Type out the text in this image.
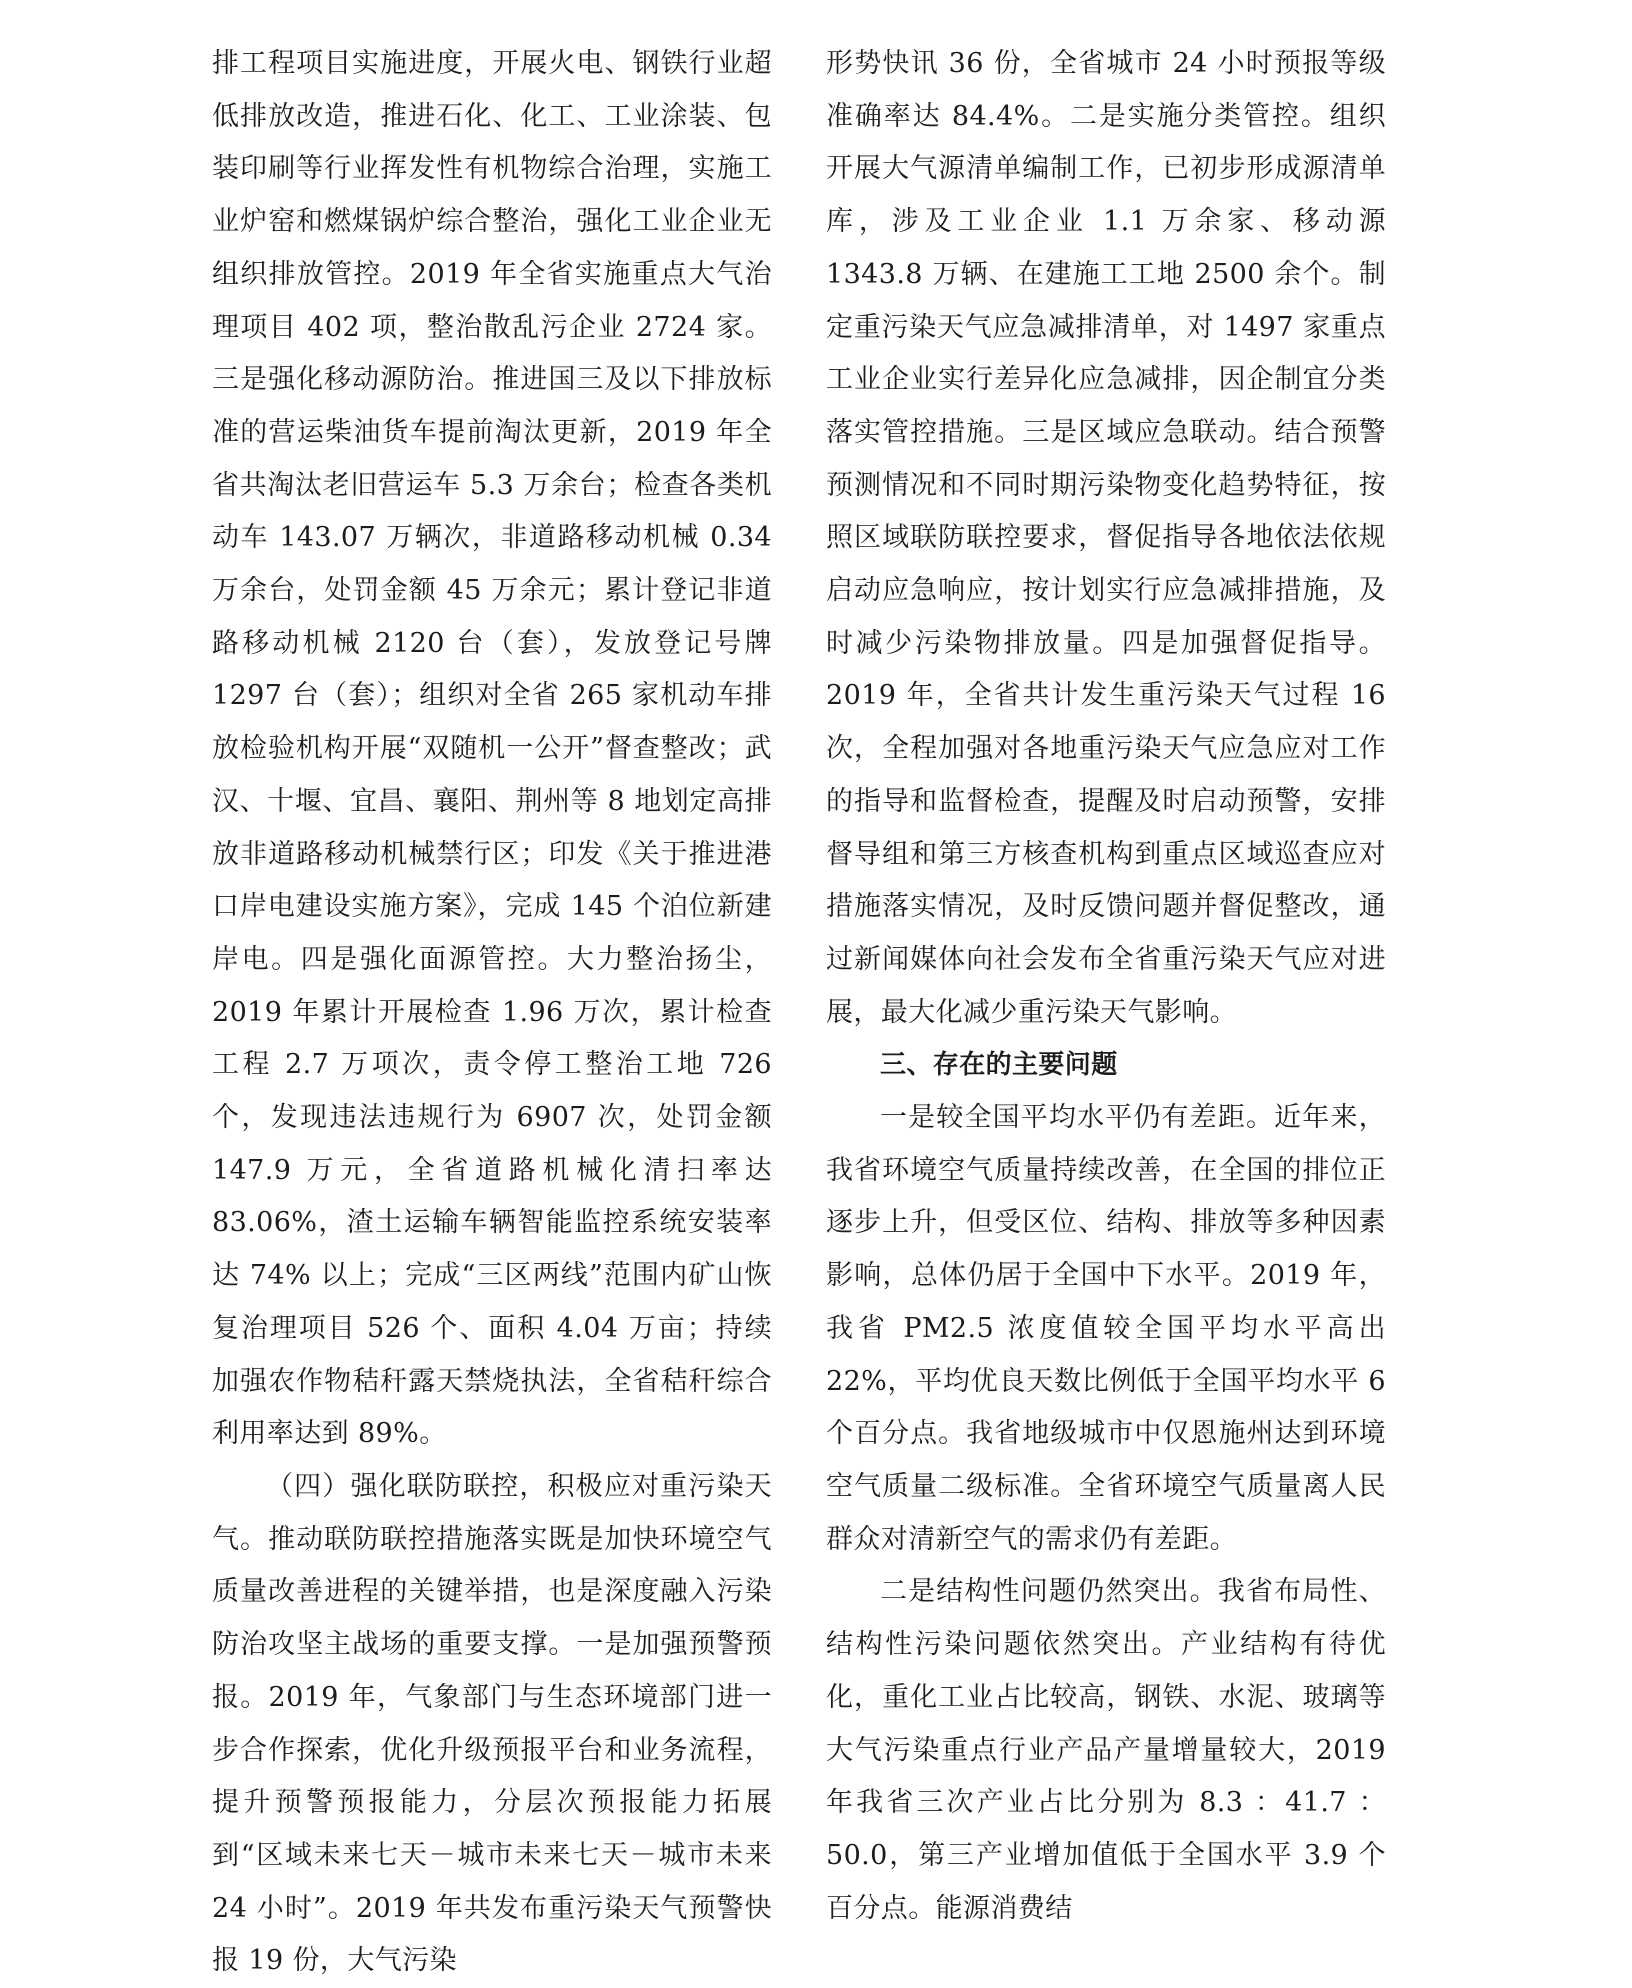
排工程项目实施进度，开展火电、钢铁行业超低排放改造，推进石化、化工、工业涂装、包装印刷等行业挥发性有机物综合治理，实施工业炉窑和燃煤锅炉综合整治，强化工业企业无组织排放管控。2019 年全省实施重点大气治理项目 402 项，整治散乱污企业 2724 家。三是强化移动源防治。推进国三及以下排放标准的营运柴油货车提前淘汰更新，2019 年全省共淘汰老旧营运车 5.3 万余台；检查各类机动车 143.07 万辆次，非道路移动机械 0.34 万余台，处罚金额 45 万余元；累计登记非道路移动机械 2120 台（套），发放登记号牌 1297 台（套）；组织对全省 265 家机动车排放检验机构开展“双随机一公开”督查整改；武汉、十堰、宜昌、襄阳、荆州等 8 地划定高排放非道路移动机械禁行区；印发《关于推进港口岸电建设实施方案》，完成 145 个泊位新建岸电。四是强化面源管控。大力整治扬尘，2019 年累计开展检查 1.96 万次，累计检查工程 2.7 万项次，责令停工整治工地 726 个，发现违法违规行为 6907 次，处罚金额 147.9 万元，全省道路机械化清扫率达 83.06%，渣土运输车辆智能监控系统安装率达 74% 以上；完成“三区两线”范围内矿山恢复治理项目 526 个、面积 4.04 万亩；持续加强农作物秸秆露天禁烧执法，全省秸秆综合利用率达到 89%。

（四）强化联防联控，积极应对重污染天气。推动联防联控措施落实既是加快环境空气质量改善进程的关键举措，也是深度融入污染防治攻坚主战场的重要支撑。一是加强预警预报。2019 年，气象部门与生态环境部门进一步合作探索，优化升级预报平台和业务流程，提升预警预报能力，分层次预报能力拓展到“区域未来七天－城市未来七天－城市未来 24 小时”。2019 年共发布重污染天气预警快报 19 份，大气污染

形势快讯 36 份，全省城市 24 小时预报等级准确率达 84.4%。二是实施分类管控。组织开展大气源清单编制工作，已初步形成源清单库，涉及工业企业 1.1 万余家、移动源 1343.8 万辆、在建施工工地 2500 余个。制定重污染天气应急减排清单，对 1497 家重点工业企业实行差异化应急减排，因企制宜分类落实管控措施。三是区域应急联动。结合预警预测情况和不同时期污染物变化趋势特征，按照区域联防联控要求，督促指导各地依法依规启动应急响应，按计划实行应急减排措施，及时减少污染物排放量。四是加强督促指导。2019 年，全省共计发生重污染天气过程 16 次，全程加强对各地重污染天气应急应对工作的指导和监督检查，提醒及时启动预警，安排督导组和第三方核查机构到重点区域巡查应对措施落实情况，及时反馈问题并督促整改，通过新闻媒体向社会发布全省重污染天气应对进展，最大化减少重污染天气影响。

三、存在的主要问题

一是较全国平均水平仍有差距。近年来，我省环境空气质量持续改善，在全国的排位正逐步上升，但受区位、结构、排放等多种因素影响，总体仍居于全国中下水平。2019 年，我省 PM2.5 浓度值较全国平均水平高出 22%，平均优良天数比例低于全国平均水平 6 个百分点。我省地级城市中仅恩施州达到环境空气质量二级标准。全省环境空气质量离人民群众对清新空气的需求仍有差距。

二是结构性问题仍然突出。我省布局性、结构性污染问题依然突出。产业结构有待优化，重化工业占比较高，钢铁、水泥、玻璃等大气污染重点行业产品产量增量较大，2019 年我省三次产业占比分别为 8.3 ：41.7 ：50.0，第三产业增加值低于全国水平 3.9 个百分点。能源消费结
